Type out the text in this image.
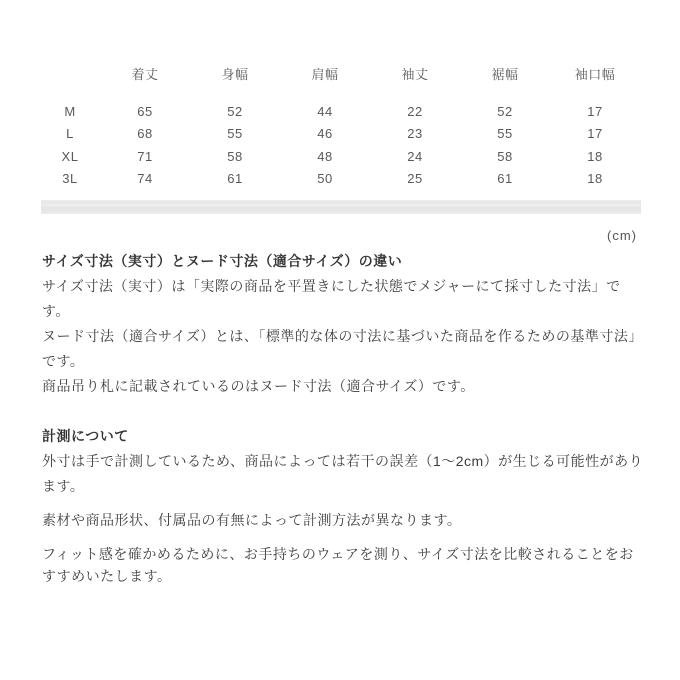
	着丈	身幅	肩幅	袖丈	裾幅	袖口幅
M	65	52	44	22	52	17
L	68	55	46	23	55	17
XL	71	58	48	24	58	18
3L	74	61	50	25	61	18
(cm)

サイズ寸法（実寸）とヌード寸法（適合サイズ）の違い

サイズ寸法（実寸）は「実際の商品を平置きにした状態でメジャーにて採寸した寸法」です。

ヌード寸法（適合サイズ）とは、「標準的な体の寸法に基づいた商品を作るための基準寸法」です。

商品吊り札に記載されているのはヌード寸法（適合サイズ）です。

計測について

外寸は手で計測しているため、商品によっては若干の誤差（1～2cm）が生じる可能性があります。

素材や商品形状、付属品の有無によって計測方法が異なります。

フィット感を確かめるために、お手持ちのウェアを測り、サイズ寸法を比較されることをおすすめいたします。
